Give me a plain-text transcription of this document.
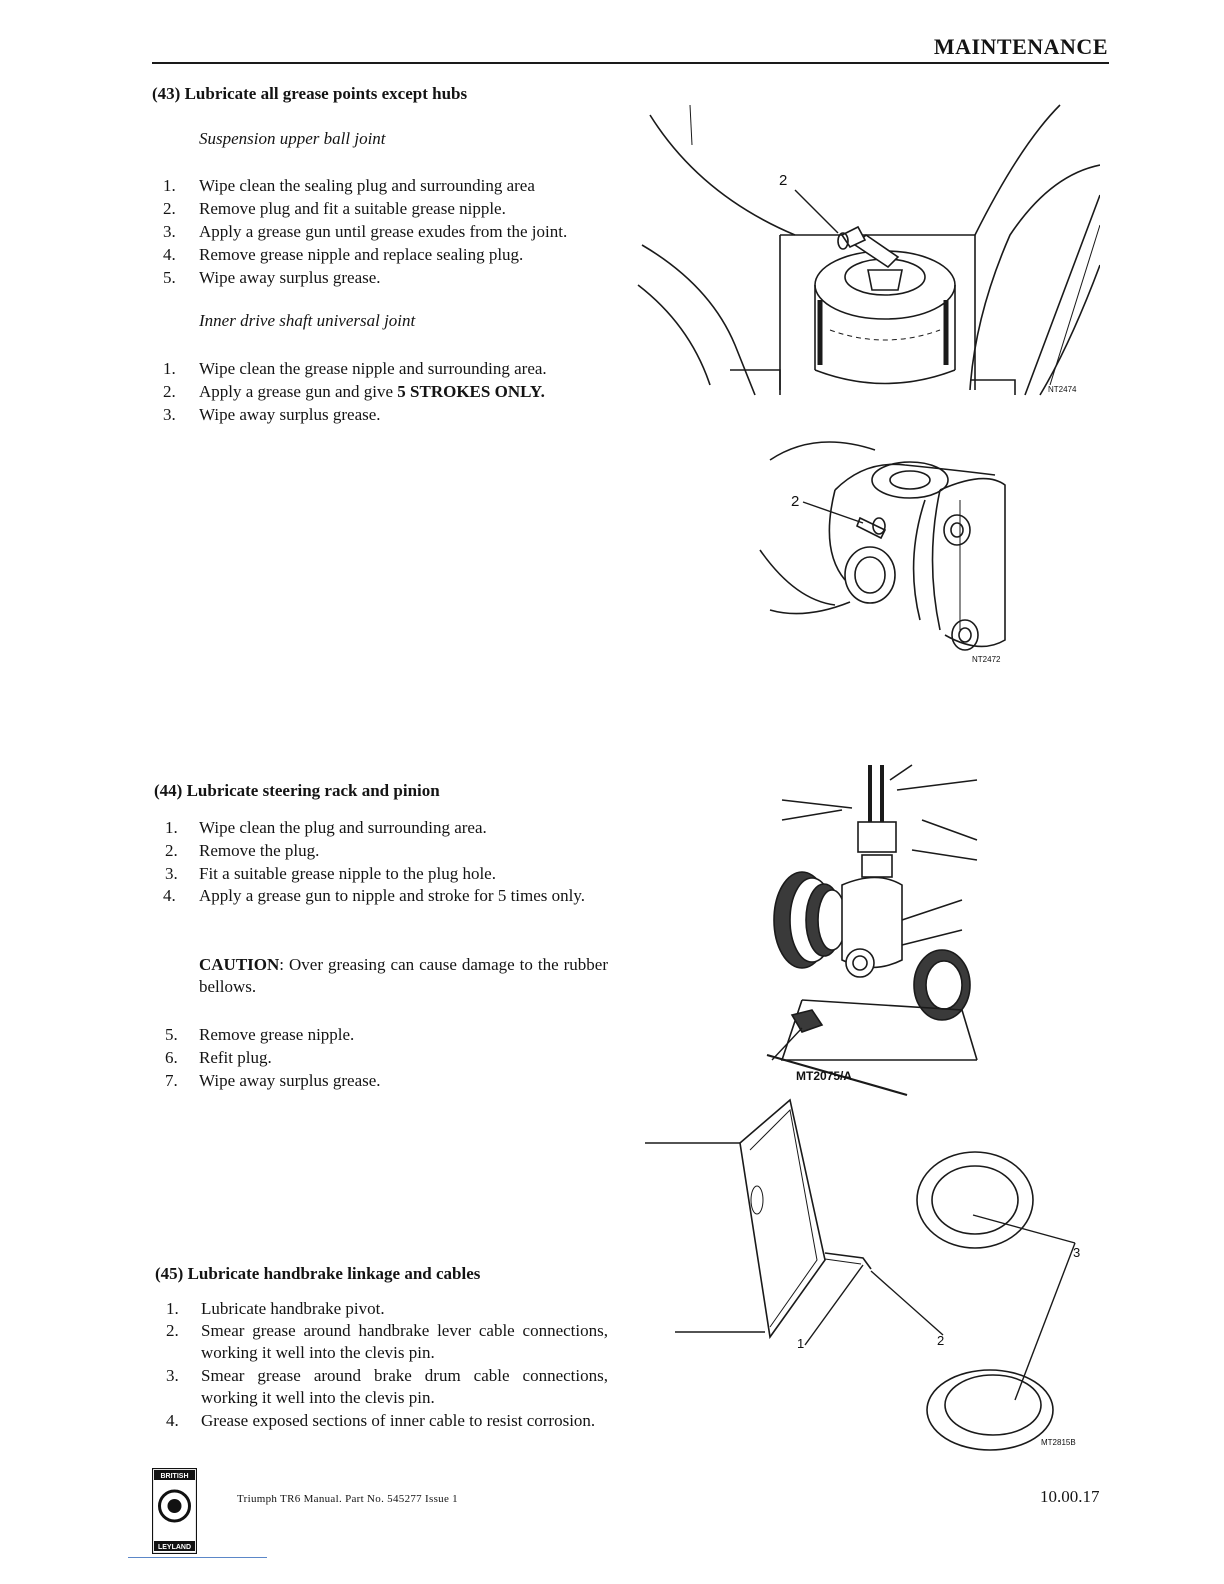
MAINTENANCE
(43) Lubricate all grease points except hubs
Suspension upper ball joint
1.	Wipe clean the sealing plug and surrounding area
2.	Remove plug and fit a suitable grease nipple.
3.	Apply a grease gun until grease exudes from the joint.
4.	Remove grease nipple and replace sealing plug.
5.	Wipe away surplus grease.
Inner drive shaft universal joint
1.	Wipe clean the grease nipple and surrounding area.
2.	Apply a grease gun and give 5 STROKES ONLY.
3.	Wipe away surplus grease.
(44) Lubricate steering rack and pinion
1.	Wipe clean the plug and surrounding area.
2.	Remove the plug.
3.	Fit a suitable grease nipple to the plug hole.
4. Apply a grease gun to nipple and stroke for 5 times only.
CAUTION: Over greasing can cause damage to the rubber bellows.
5.	Remove grease nipple.
6.	Refit plug.
7.	Wipe away surplus grease.
(45) Lubricate handbrake linkage and cables
1.	Lubricate handbrake pivot.
2. Smear grease around handbrake lever cable connections, working it well into the clevis pin.
3. Smear grease around brake drum cable connections, working it well into the clevis pin.
4. Grease exposed sections of inner cable to resist corrosion.
2
NT2474
2
NT2472
MT2075/A
1	2
3
MT2815B
BRITISH
LEYLAND
Triumph TR6 Manual. Part No. 545277 Issue 1	10.00.17
